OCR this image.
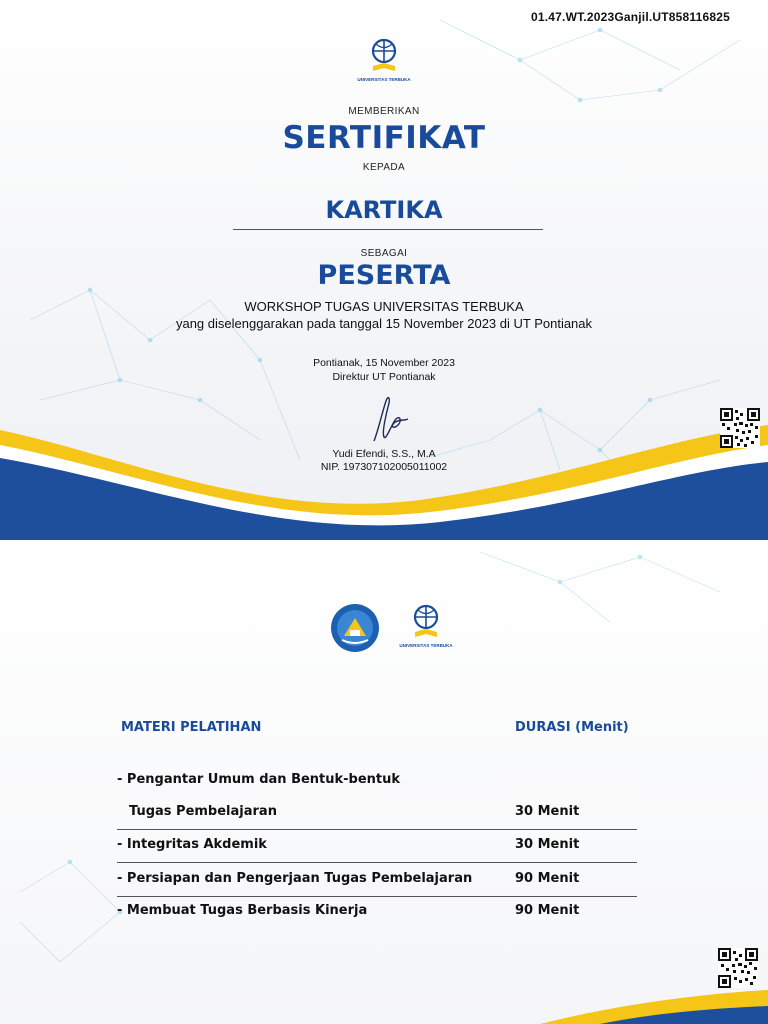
01.47.WT.2023Ganjil.UT858116825
UNIVERSITAS TERBUKA
MEMBERIKAN
SERTIFIKAT
KEPADA
KARTIKA
SEBAGAI
PESERTA
WORKSHOP TUGAS UNIVERSITAS TERBUKA
yang diselenggarakan pada tanggal 15 November 2023 di UT Pontianak
Pontianak, 15 November 2023
Direktur UT Pontianak
Yudi Efendi, S.S., M.A
NIP. 197307102005011002
UNIVERSITAS TERBUKA
MATERI PELATIHAN	DURASI (Menit)
- Pengantar Umum dan Bentuk-bentuk
Tugas Pembelajaran	30 Menit
- Integritas Akdemik	30 Menit
- Persiapan dan Pengerjaan Tugas Pembelajaran	90 Menit
- Membuat Tugas Berbasis Kinerja	90 Menit
